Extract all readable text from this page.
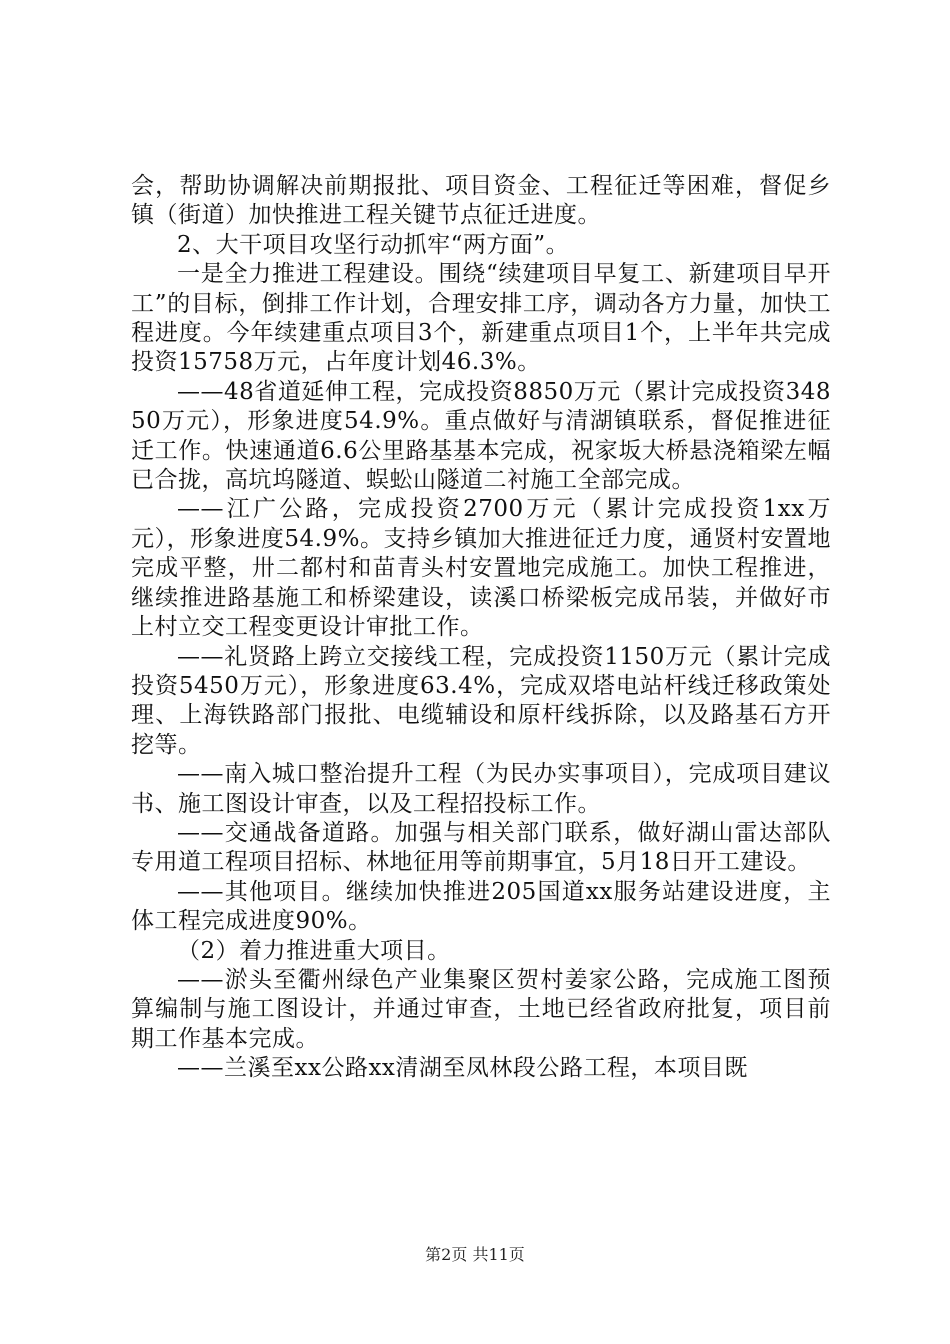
会，帮助协调解决前期报批、项目资金、工程征迁等困难，督促乡镇（街道）加快推进工程关键节点征迁进度。

2、大干项目攻坚行动抓牢“两方面”。

一是全力推进工程建设。围绕“续建项目早复工、新建项目早开工”的目标，倒排工作计划，合理安排工序，调动各方力量，加快工程进度。今年续建重点项目3个，新建重点项目1个，上半年共完成投资15758万元，占年度计划46.3%。

——48省道延伸工程，完成投资8850万元（累计完成投资34850万元），形象进度54.9%。重点做好与清湖镇联系，督促推进征迁工作。快速通道6.6公里路基基本完成，祝家坂大桥悬浇箱梁左幅已合拢，高坑坞隧道、蜈蚣山隧道二衬施工全部完成。

——江广公路，完成投资2700万元（累计完成投资1xx万元），形象进度54.9%。支持乡镇加大推进征迁力度，通贤村安置地完成平整，卅二都村和苗青头村安置地完成施工。加快工程推进，继续推进路基施工和桥梁建设，读溪口桥梁板完成吊装，并做好市上村立交工程变更设计审批工作。

——礼贤路上跨立交接线工程，完成投资1150万元（累计完成投资5450万元），形象进度63.4%，完成双塔电站杆线迁移政策处理、上海铁路部门报批、电缆辅设和原杆线拆除，以及路基石方开挖等。

——南入城口整治提升工程（为民办实事项目），完成项目建议书、施工图设计审查，以及工程招投标工作。

——交通战备道路。加强与相关部门联系，做好湖山雷达部队专用道工程项目招标、林地征用等前期事宜，5月18日开工建设。

——其他项目。继续加快推进205国道xx服务站建设进度，主体工程完成进度90%。

（2）着力推进重大项目。

——淤头至衢州绿色产业集聚区贺村姜家公路，完成施工图预算编制与施工图设计，并通过审查，土地已经省政府批复，项目前期工作基本完成。

——兰溪至xx公路xx清湖至凤林段公路工程，本项目既

第2页 共11页
